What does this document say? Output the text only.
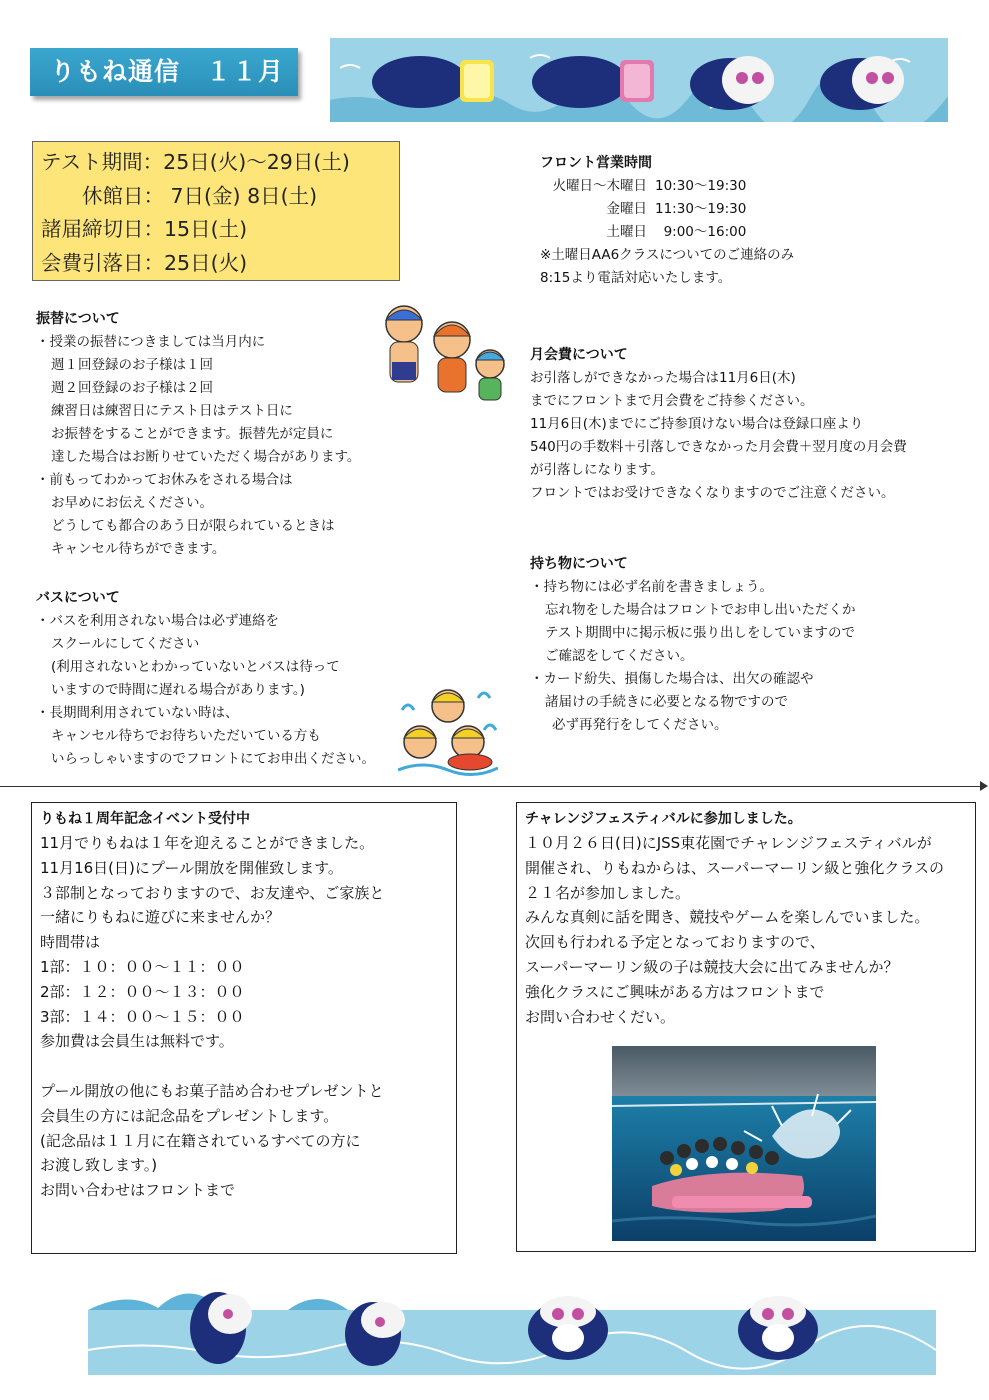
りもね通信　１１月
テスト期間：25日(火)〜29日(土)
　　休館日： 7日(金) 8日(土)
諸届締切日：15日(土)
会費引落日：25日(火)
フロント営業時間
火曜日〜木曜日	10:30〜19:30
金曜日	11:30〜19:30
土曜日	9:00〜16:00
※土曜日AA6クラスについてのご連絡のみ
8:15より電話対応いたします。
振替について
・授業の振替につきましては当月内に
週１回登録のお子様は１回
週２回登録のお子様は２回
練習日は練習日にテスト日はテスト日に
お振替をすることができます。振替先が定員に
達した場合はお断りせていただく場合があります。
・前もってわかってお休みをされる場合は
お早めにお伝えください。
どうしても都合のあう日が限られているときは
キャンセル待ちができます。
月会費について
お引落しができなかった場合は11月6日(木)
までにフロントまで月会費をご持参ください。
11月6日(木)までにご持参頂けない場合は登録口座より
540円の手数料＋引落しできなかった月会費＋翌月度の月会費
が引落しになります。
フロントではお受けできなくなりますのでご注意ください。
持ち物について
・持ち物には必ず名前を書きましょう。
忘れ物をした場合はフロントでお申し出いただくか
テスト期間中に掲示板に張り出しをしていますので
ご確認をしてください。
・カード紛失、損傷した場合は、出欠の確認や
諸届けの手続きに必要となる物ですので
必ず再発行をしてください。
バスについて
・バスを利用されない場合は必ず連絡を
スクールにしてください
(利用されないとわかっていないとバスは待って
いますので時間に遅れる場合があります。)
・長期間利用されていない時は、
キャンセル待ちでお待ちいただいている方も
いらっしゃいますのでフロントにてお申出ください。
りもね１周年記念イベント受付中
11月でりもねは１年を迎えることができました。
11月16日(日)にプール開放を開催致します。
３部制となっておりますので、お友達や、ご家族と
一緒にりもねに遊びに来ませんか？
時間帯は
1部：１０：００〜１１：００
2部：１２：００〜１３：００
3部：１４：００〜１５：００
参加費は会員生は無料です。
プール開放の他にもお菓子詰め合わせプレゼントと
会員生の方には記念品をプレゼントします。
(記念品は１１月に在籍されているすべての方に
お渡し致します。)
お問い合わせはフロントまで
チャレンジフェスティバルに参加しました。
１０月２６日(日)にJSS東花園でチャレンジフェスティバルが
開催され、りもねからは、スーパーマーリン級と強化クラスの
２１名が参加しました。
みんな真剣に話を聞き、競技やゲームを楽しんでいました。
次回も行われる予定となっておりますので、
スーパーマーリン級の子は競技大会に出てみませんか？
強化クラスにご興味がある方はフロントまで
お問い合わせくだい。
